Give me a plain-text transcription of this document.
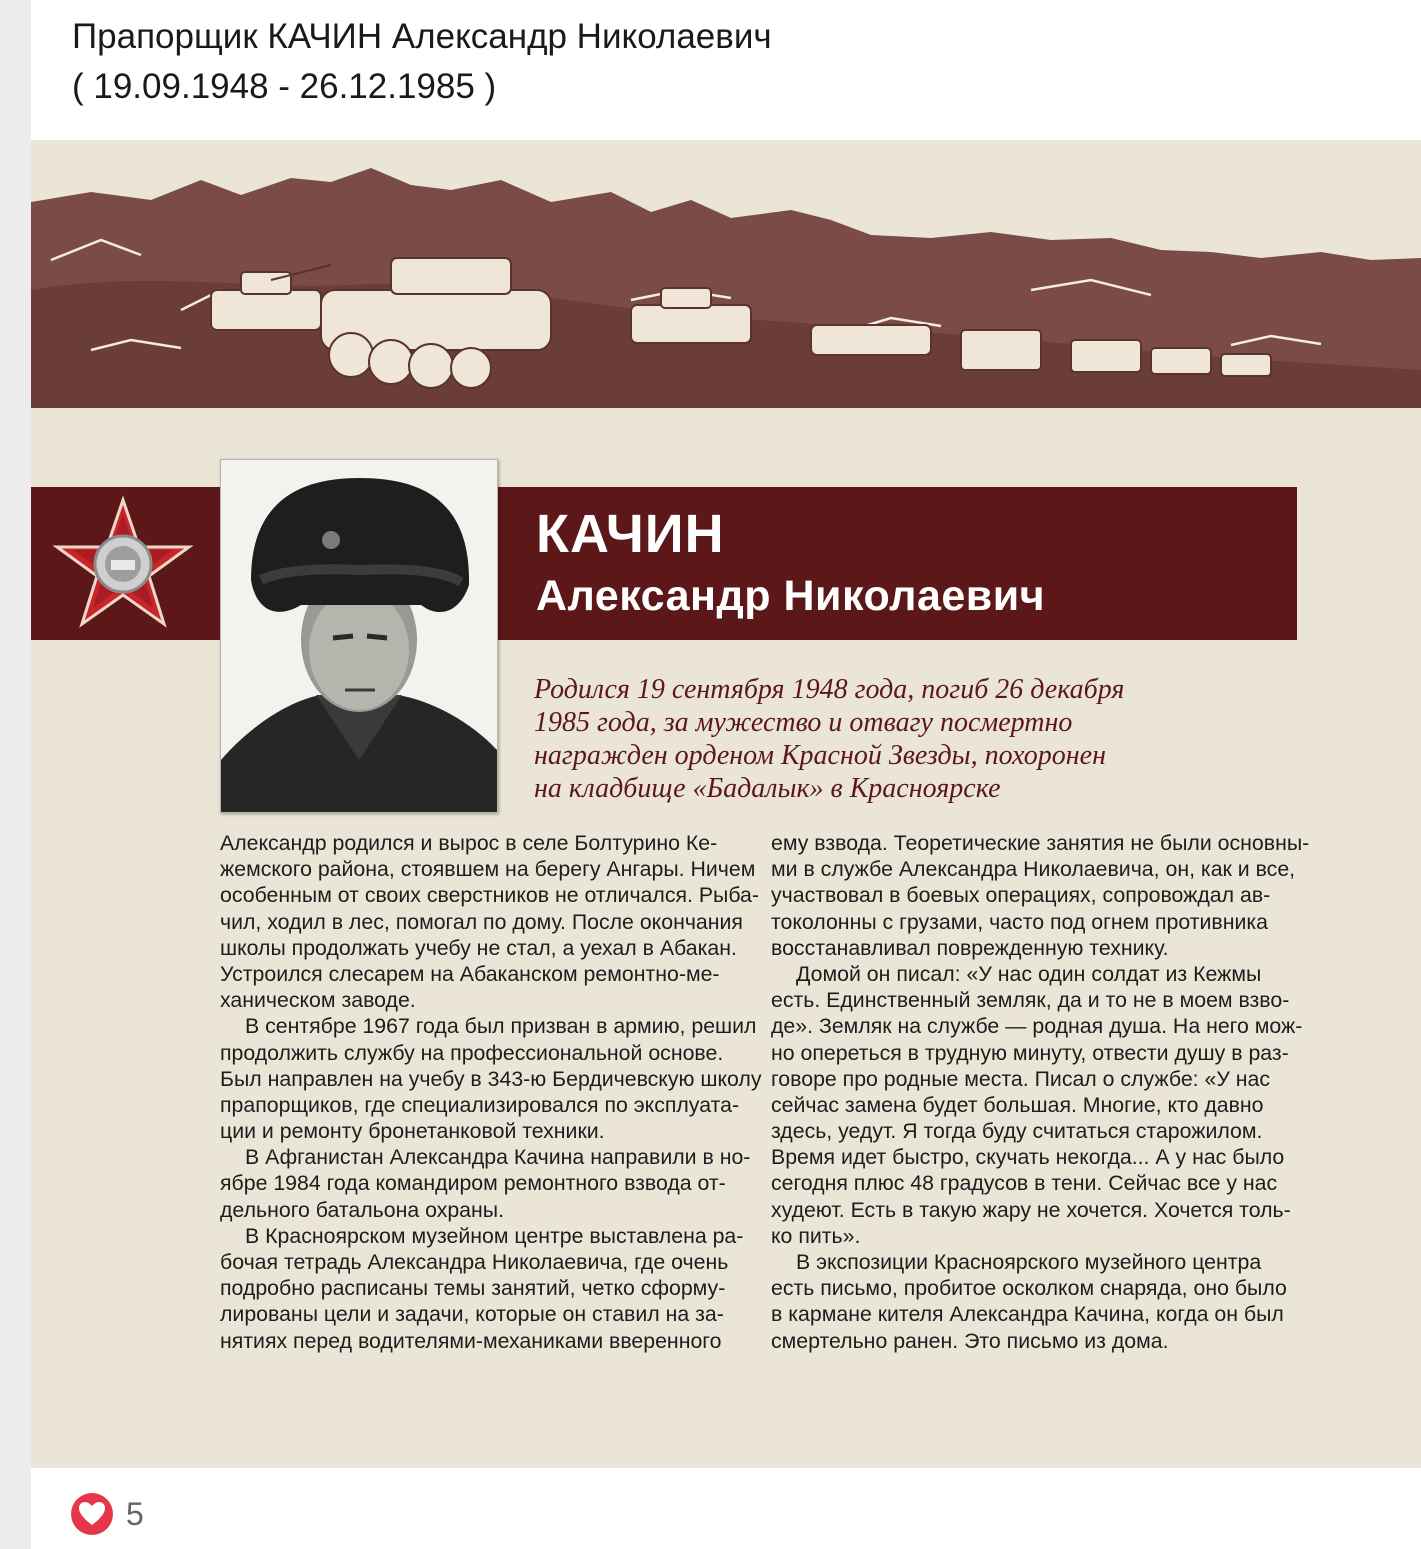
Прапорщик КАЧИН Александр Николаевич
( 19.09.1948 - 26.12.1985 )
КАЧИН
Александр Николаевич
Родился 19 сентября 1948 года, погиб 26 декабря
1985 года, за мужество и отвагу посмертно
награжден орденом Красной Звезды, похоронен
на кладбище «Бадалык» в Красноярске
Александр родился и вырос в селе Болтурино Ке-
жемского района, стоявшем на берегу Ангары. Ничем
особенным от своих сверстников не отличался. Рыба-
чил, ходил в лес, помогал по дому. После окончания
школы продолжать учебу не стал, а уехал в Абакан.
Устроился слесарем на Абаканском ремонтно-ме-
ханическом заводе.
В сентябре 1967 года был призван в армию, решил
продолжить службу на профессиональной основе.
Был направлен на учебу в 343-ю Бердичевскую школу
прапорщиков, где специализировался по эксплуата-
ции и ремонту бронетанковой техники.
В Афганистан Александра Качина направили в но-
ябре 1984 года командиром ремонтного взвода от-
дельного батальона охраны.
В Красноярском музейном центре выставлена ра-
бочая тетрадь Александра Николаевича, где очень
подробно расписаны темы занятий, четко сформу-
лированы цели и задачи, которые он ставил на за-
нятиях перед водителями-механиками вверенного
ему взвода. Теоретические занятия не были основны-
ми в службе Александра Николаевича, он, как и все,
участвовал в боевых операциях, сопровождал ав-
токолонны с грузами, часто под огнем противника
восстанавливал поврежденную технику.
Домой он писал: «У нас один солдат из Кежмы
есть. Единственный земляк, да и то не в моем взво-
де». Земляк на службе — родная душа. На него мож-
но опереться в трудную минуту, отвести душу в раз-
говоре про родные места. Писал о службе: «У нас
сейчас замена будет большая. Многие, кто давно
здесь, уедут. Я тогда буду считаться старожилом.
Время идет быстро, скучать некогда... А у нас было
сегодня плюс 48 градусов в тени. Сейчас все у нас
худеют. Есть в такую жару не хочется. Хочется толь-
ко пить».
В экспозиции Красноярского музейного центра
есть письмо, пробитое осколком снаряда, оно было
в кармане кителя Александра Качина, когда он был
смертельно ранен. Это письмо из дома.
5
